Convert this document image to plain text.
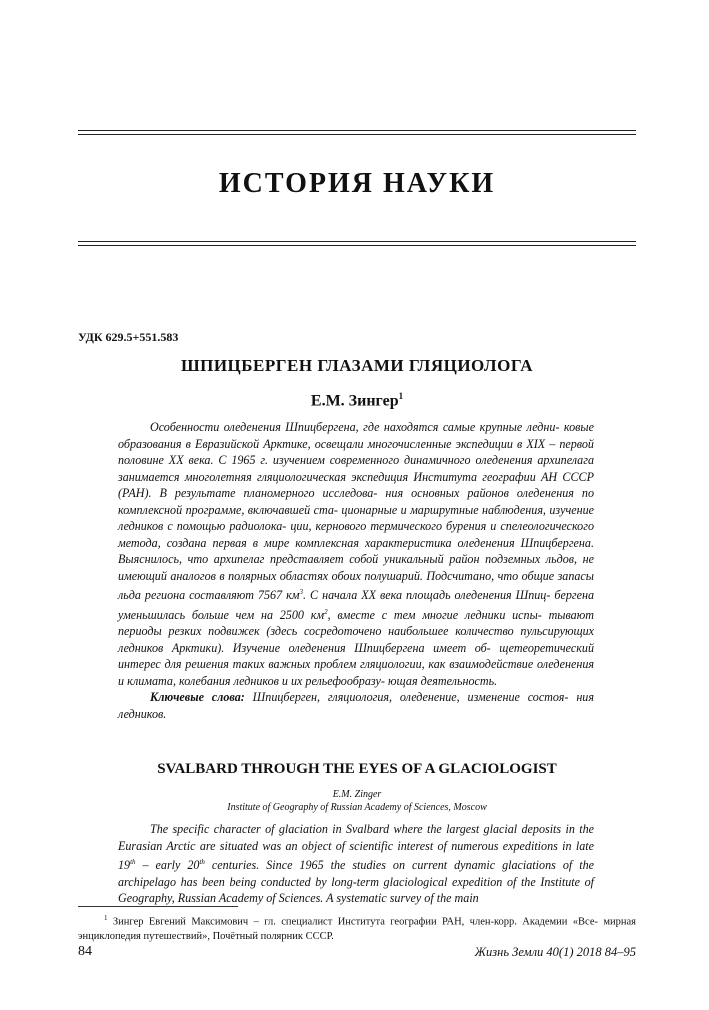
ИСТОРИЯ НАУКИ
УДК 629.5+551.583
ШПИЦБЕРГЕН ГЛАЗАМИ ГЛЯЦИОЛОГА
Е.М. Зингер$^1$

Особенности оледенения Шпицбергена, где находятся самые крупные ледни- ковые образования в Евразийской Арктике, освещали многочисленные экспедиции в XIX – первой половине XX века. С 1965 г. изучением современного динамичного оледенения архипелага занимается многолетняя гляциологическая экспедиция Института географии АН СССР (РАН). В результате планомерного исследова- ния основных районов оледенения по комплексной программе, включавшей ста- ционарные и маршрутные наблюдения, изучение ледников с помощью радиолока- ции, кернового термического бурения и спелеологического метода, создана первая в мире комплексная характеристика оледенения Шпицбергена. Выяснилось, что архипелаг представляет собой уникальный район подземных льдов, не имеющий аналогов в полярных областях обоих полушарий. Подсчитано, что общие запасы льда региона составляют 7567 $км^3$. С начала XX века площадь оледенения Шпиц- бергена уменьшилась больше чем на 2500 $км^2$, вместе с тем многие ледники испы- тывают периоды резких подвижек (здесь сосредоточено наибольшее количество пульсирующих ледников Арктики). Изучение оледенения Шпицбергена имеет об- щетеоретический интерес для решения таких важных проблем гляциологии, как взаимодействие оледенения и климата, колебания ледников и их рельефообразу- ющая деятельность.

Ключевые слова: Шпицберген, гляциология, оледенение, изменение состоя- ния ледников.

SVALBARD THROUGH THE EYES OF A GLACIOLOGIST
E.M. Zinger
Institute of Geography of Russian Academy of Sciences, Moscow

The specific character of glaciation in Svalbard where the largest glacial deposits in the Eurasian Arctic are situated was an object of scientific interest of numerous expeditions in late 19th – early 20th centuries. Since 1965 the studies on current dynamic glaciations of the archipelago has been being conducted by long-term glaciological expedition of the Institute of Geography, Russian Academy of Sciences. A systematic survey of the main

$^1$ Зингер Евгений Максимович – гл. специалист Института географии РАН, член-корр. Академии «Все- мирная энциклопедия путешествий», Почётный полярник СССР.
84	Жизнь Земли 40(1) 2018 84–95
